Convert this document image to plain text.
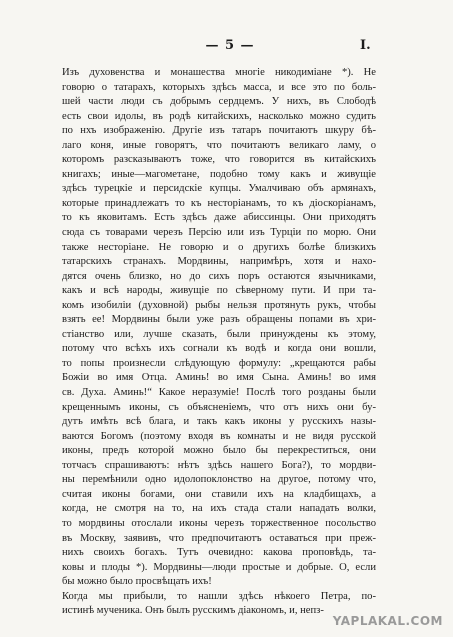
— 5 —	I.
Изъ духовенства и монашества многіе никодиміане *). Не
говорю о татарахъ, которыхъ здѣсь масса, и все это по боль-
шей части люди съ добрымъ сердцемъ. У нихъ, въ Слободѣ
есть свои идолы, въ родѣ китайскихъ, насколько можно судить
по нхъ изображенію. Другіе изъ татаръ почитаютъ шкуру бѣ-
лаго коня, иные говорятъ, что почитаютъ великаго ламу, о
которомъ разсказываютъ тоже, что говорится въ китайскихъ
книгахъ; иные—магометане, подобно тому какъ и живущіе
здѣсь турецкіе и персидскіе купцы. Умалчиваю объ армянахъ,
которые принадлежатъ то къ несторіанамъ, то къ діоскоріанамъ,
то къ яковитамъ. Есть здѣсь даже абиссинцы. Они приходятъ
сюда съ товарами черезъ Персію или изъ Турціи по морю. Они
также несторіане. Не говорю и о другихъ болѣе близкихъ
татарскихъ странахъ. Мордвины, напримѣръ, хотя и нахо-
дятся очень близко, но до сихъ поръ остаются язычниками,
какъ и всѣ народы, живущіе по сѣверному пути. И при та-
комъ изобиліи (духовной) рыбы нельзя протянуть рукъ, чтобы
взять ее! Мордвины были уже разъ обращены попами въ хри-
стіанство или, лучше сказать, были принуждены къ этому,
потому что всѣхъ ихъ согнали къ водѣ и когда они вошли,
то попы произнесли слѣдующую формулу: „крещаются рабы
Божіи во имя Отца. Аминь! во имя Сына. Аминь! во имя
св. Духа. Аминь!“ Какое неразуміе! Послѣ того розданы были
крещеннымъ иконы, съ объясненіемъ, что отъ нихъ они бу-
дутъ имѣть всѣ блага, и такъ какъ иконы у русскихъ назы-
ваются Богомъ (поэтому входя въ комнаты и не видя русской
иконы, предъ которой можно было бы перекреститься, они
тотчасъ спрашиваютъ: нѣтъ здѣсь нашего Бога?), то мордви-
ны перемѣнили одно идолопоклонство на другое, потому что,
считая иконы богами, они ставили ихъ на кладбищахъ, а
когда, не смотря на то, на ихъ стада стали нападать волки,
то мордвины отослали иконы черезъ торжественное посольство
въ Москву, заявивъ, что предпочитаютъ оставаться при преж-
нихъ своихъ богахъ. Тутъ очевидно: какова проповѣдь, та-
ковы и плоды *). Мордвины—люди простые и добрые. О, если
бы можно было просвѣщать ихъ!
Когда мы прибыли, то нашли здѣсь нѣкоего Петра, по-
истинѣ мученика. Онъ былъ русскимъ діакономъ, и, непз-
YAPLAKAL.COM
